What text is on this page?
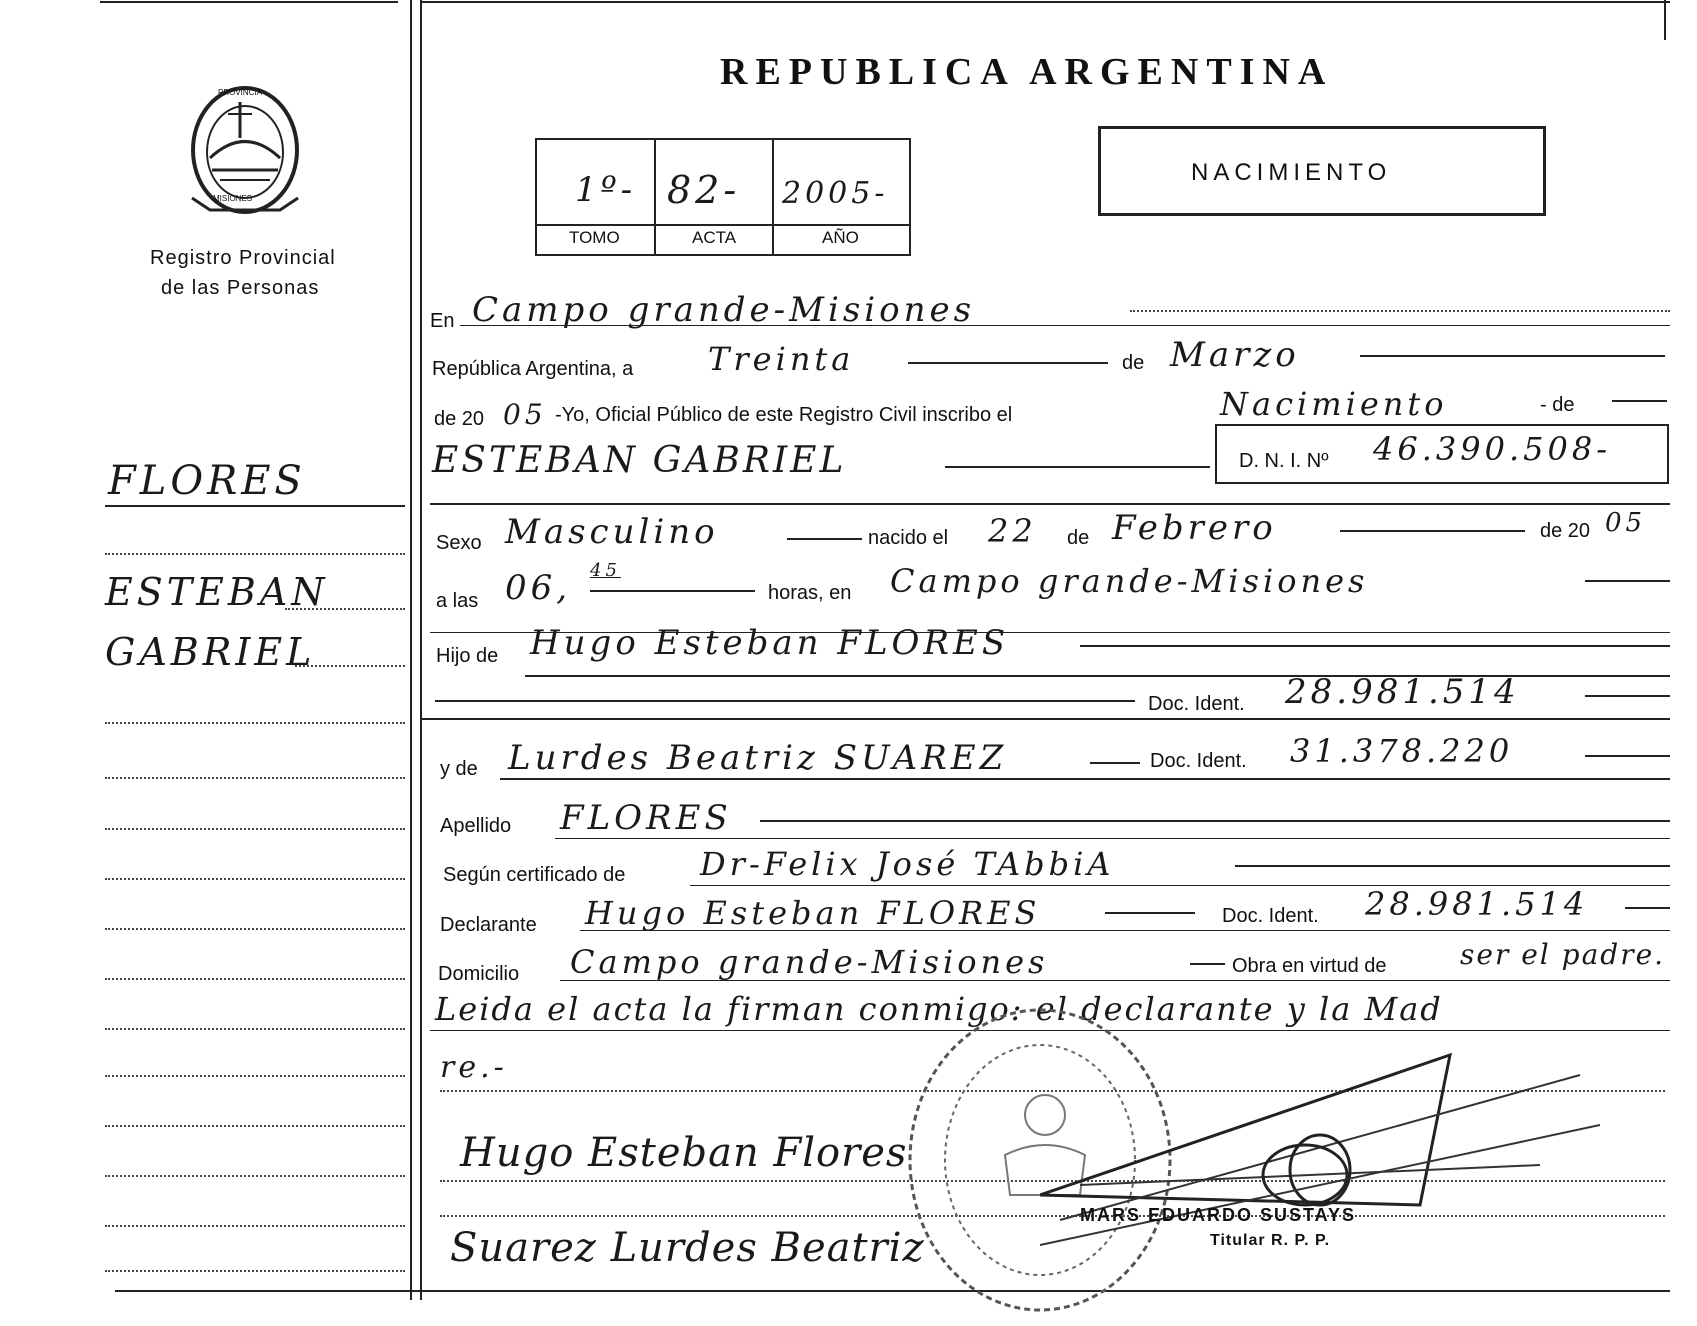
PROVINCIA
MISIONES
Registro Provincial
de las Personas
FLORES
ESTEBAN
GABRIEL
REPUBLICA ARGENTINA
1º- 82- 2005-
TOMO	ACTA	AÑO
NACIMIENTO
En Campo grande-Misiones
República Argentina, a Treinta	de Marzo
de 20 05 -Yo, Oficial Público de este Registro Civil inscribo el	Nacimiento	- de
ESTEBAN GABRIEL	D. N. I. Nº 46.390.508-
Sexo Masculino	nacido el 22 de Febrero	de 20 05
a las 06, 45
horas, en Campo grande-Misiones
Hijo de Hugo Esteban FLORES
Doc. Ident. 28.981.514
y de Lurdes Beatriz SUAREZ	Doc. Ident. 31.378.220
Apellido FLORES
Según certificado de Dr-Felix José TAbbiA
Declarante Hugo Esteban FLORES	Doc. Ident. 28.981.514
Domicilio Campo grande-Misiones	Obra en virtud de	ser el padre.
Leida el acta la firman conmigo: el declarante y la Mad
re.-
Hugo Esteban Flores
Suarez Lurdes Beatriz
MARS EDUARDO SUSTAYS
Titular R. P. P.
